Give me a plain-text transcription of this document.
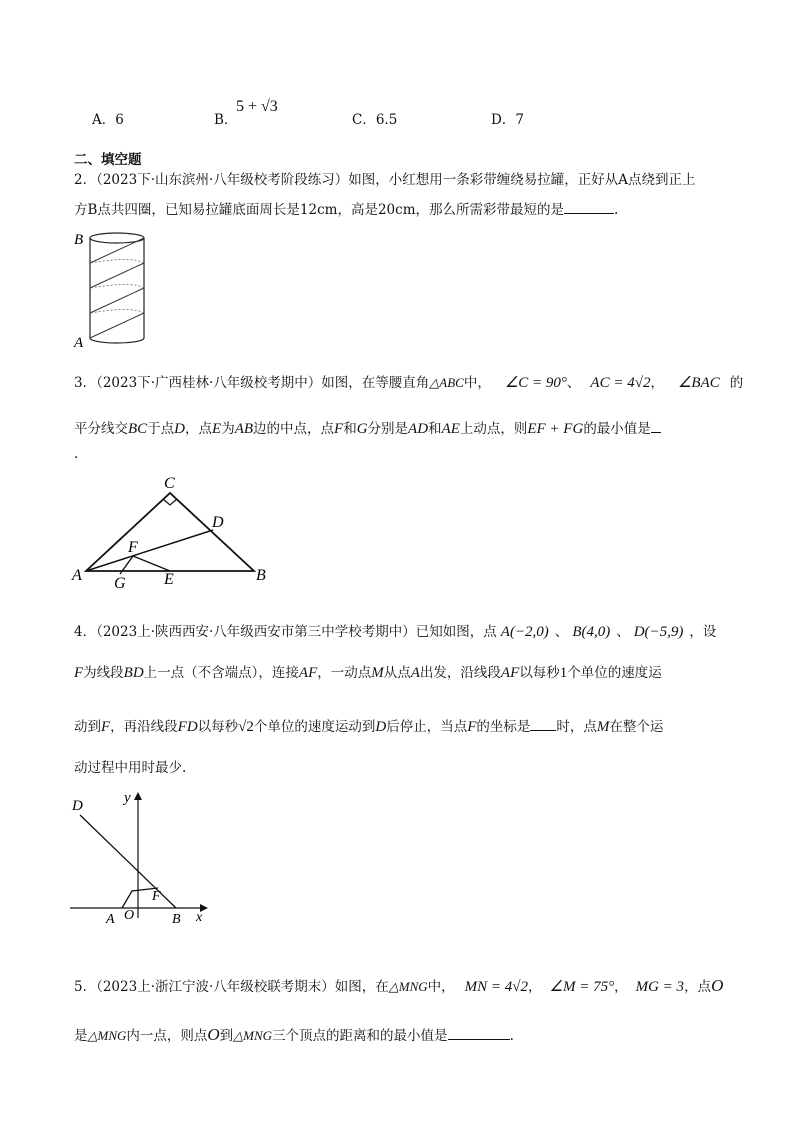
A．6	B．
5 + √3
C．6.5	D．7
二、填空题
2．（2023下·山东滨州·八年级校考阶段练习）如图，小红想用一条彩带缠绕易拉罐，正好从A点绕到正上
方B点共四圈，已知易拉罐底面周长是12cm，高是20cm，那么所需彩带最短的是	.
B
A
3．（2023下·广西桂林·八年级校考期中）如图，在等腰直角△ABC中， ∠C = 90°、 AC = 4√2， ∠BAC 的
平分线交BC于点D，点E为AB边的中点，点F和G分别是AD和AE上动点，则EF + FG的最小值是
.
C
D
F
A G E	B
4．（2023上·陕西西安·八年级西安市第三中学校考期中）已知如图，点 A(−2,0) 、 B(4,0) 、 D(−5,9) ，设
F为线段BD上一点（不含端点），连接AF，一动点M从点A出发，沿线段AF以每秒1个单位的速度运
动到F，再沿线段FD以每秒√2个单位的速度运动到D后停止，当点F的坐标是 时，点M在整个运
动过程中用时最少.
D	y
F
A O	B x
5．（2023上·浙江宁波·八年级校联考期末）如图，在△MNG中， MN = 4√2， ∠M = 75°， MG = 3，点O
是△MNG内一点，则点O到△MNG三个顶点的距离和的最小值是	.
